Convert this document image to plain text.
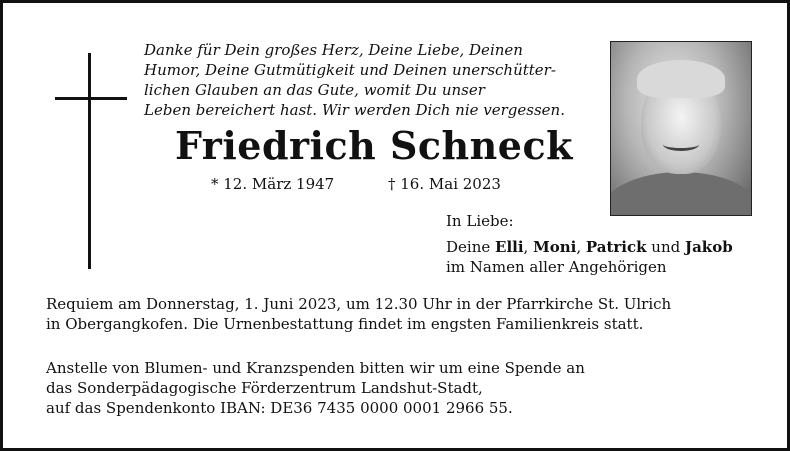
Danke für Dein großes Herz, Deine Liebe, Deinen
Humor, Deine Gutmütigkeit und Deinen unerschütter-
lichen Glauben an das Gute, womit Du unser
Leben bereichert hast. Wir werden Dich nie vergessen.
Friedrich Schneck
* 12. März 1947	† 16. Mai 2023
In Liebe:
Deine Elli, Moni, Patrick und Jakob
im Namen aller Angehörigen
Requiem am Donnerstag, 1. Juni 2023, um 12.30 Uhr in der Pfarrkirche St. Ulrich
in Obergangkofen. Die Urnenbestattung findet im engsten Familienkreis statt.
Anstelle von Blumen- und Kranzspenden bitten wir um eine Spende an
das Sonderpädagogische Förderzentrum Landshut-Stadt,
auf das Spendenkonto IBAN: DE36 7435 0000 0001 2966 55.
